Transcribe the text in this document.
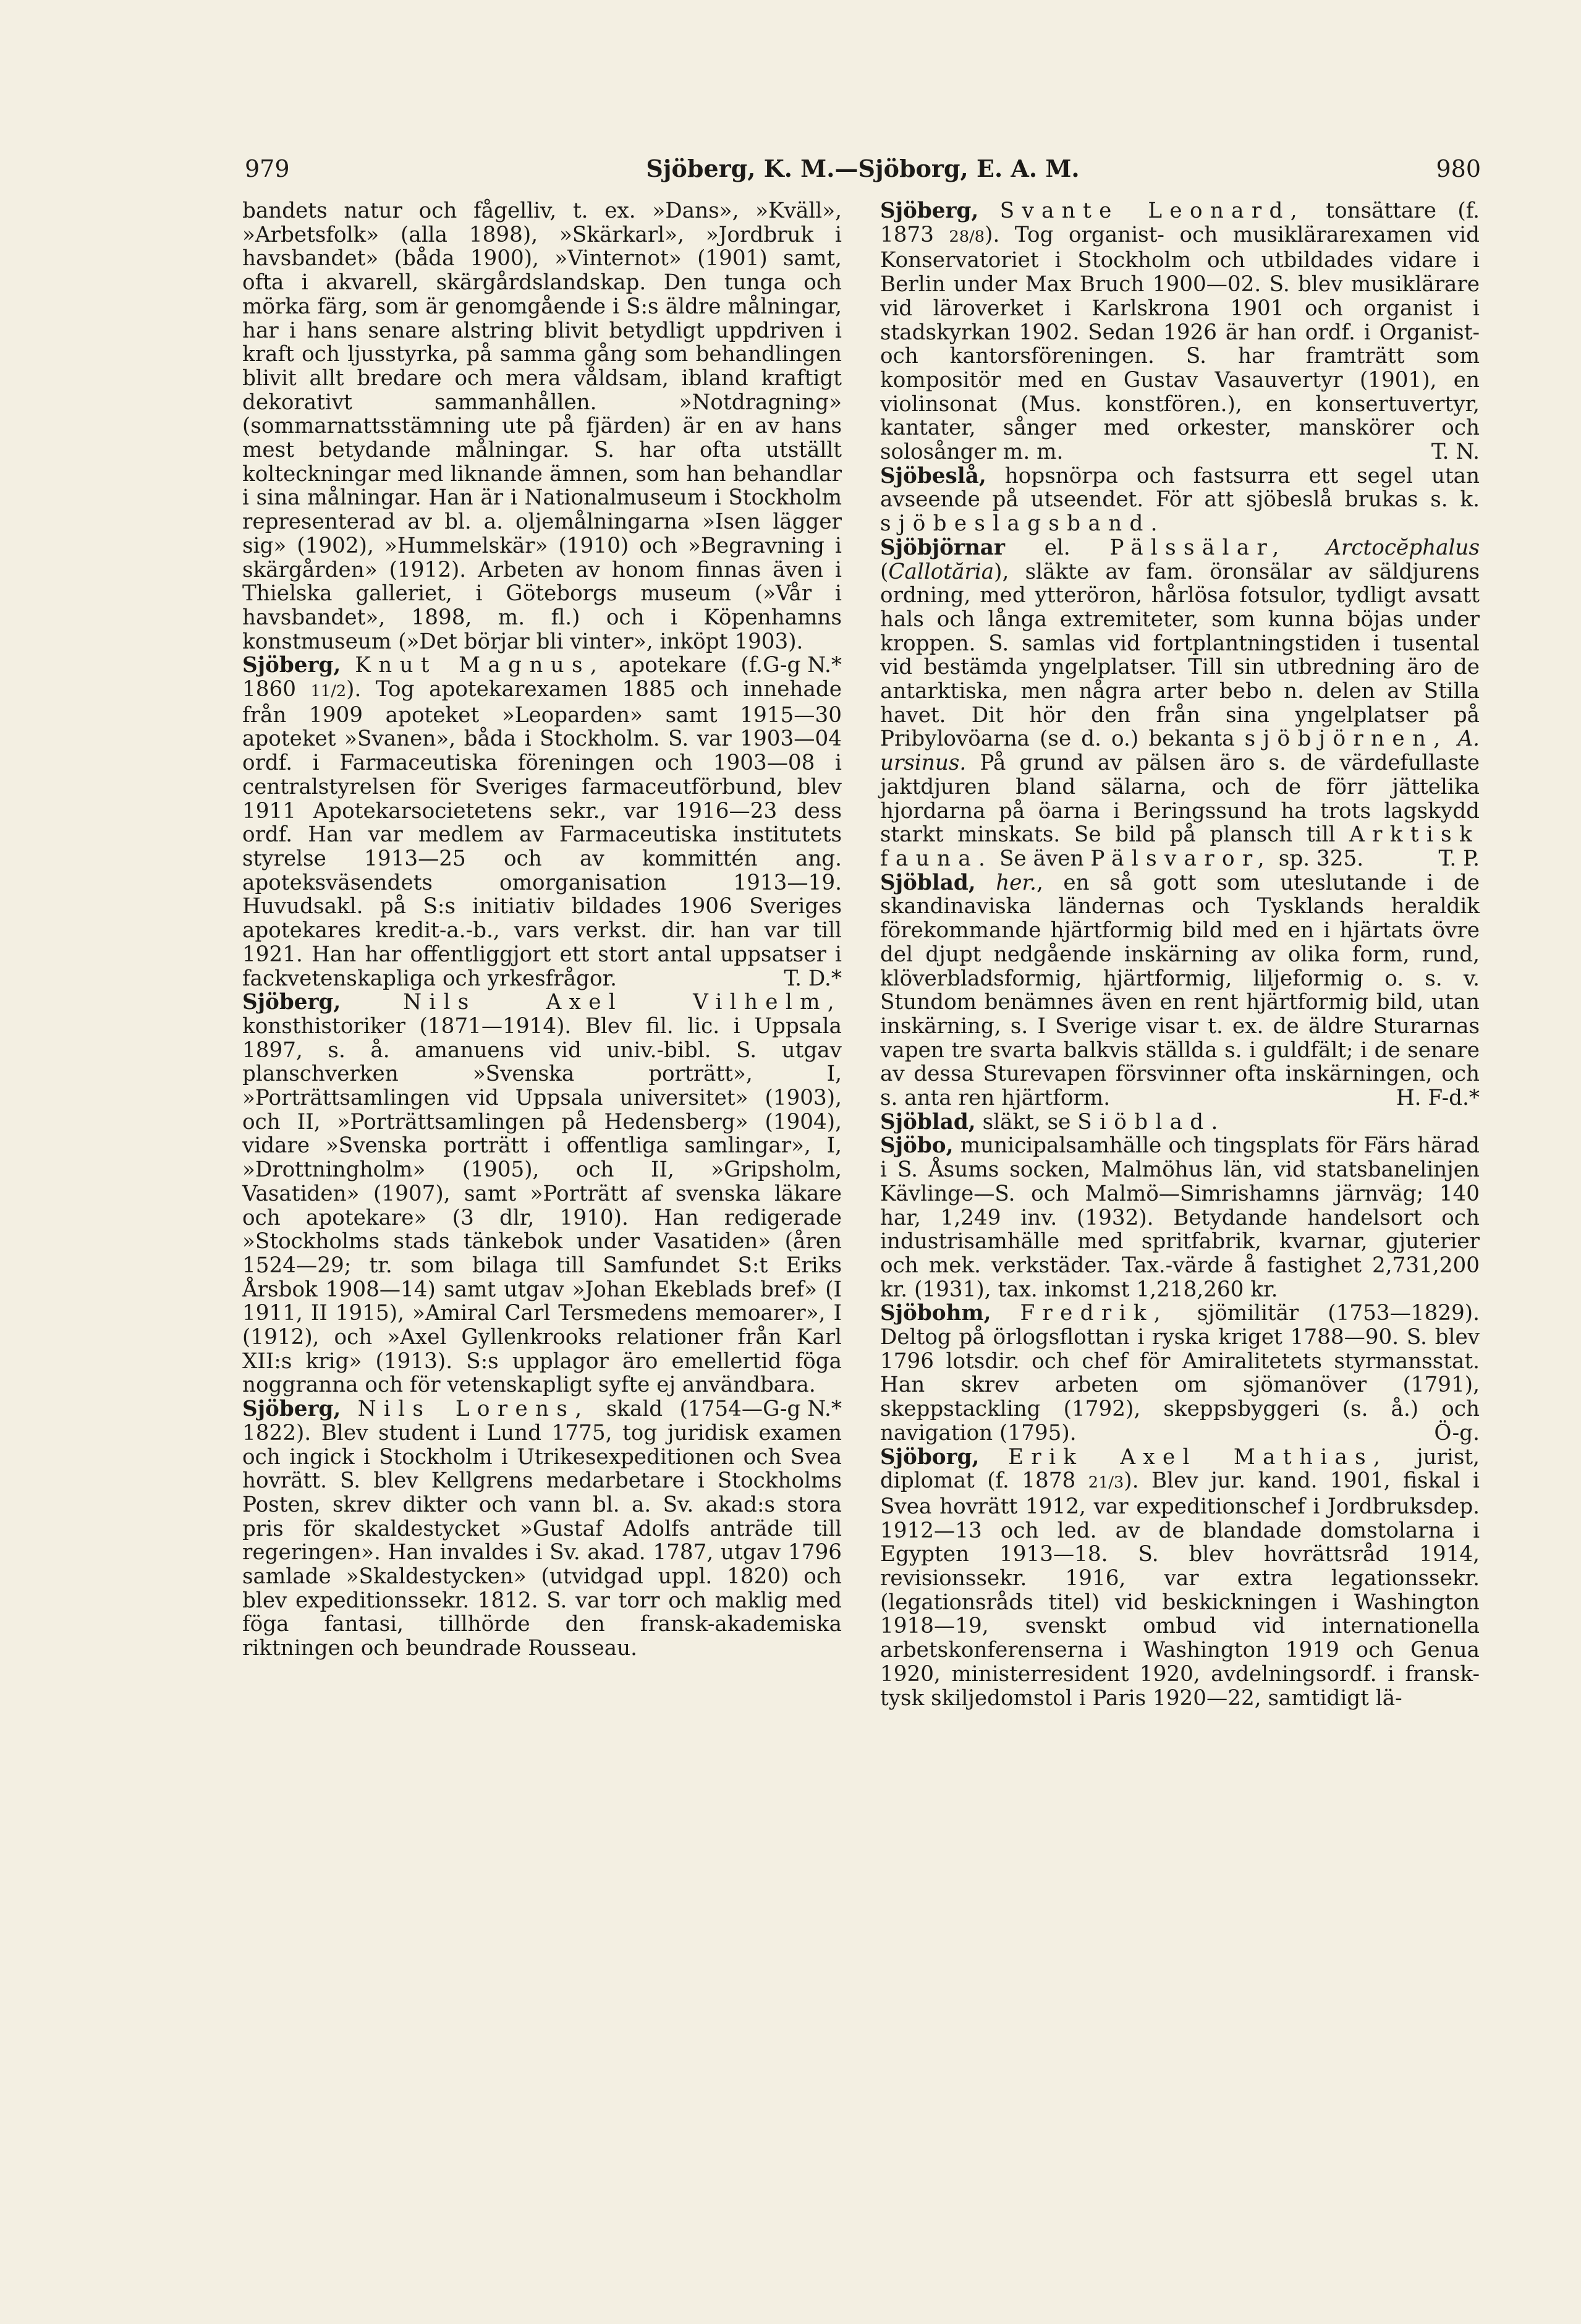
979	Sjöberg, K. M.—Sjöborg, E. A. M.	980

bandets natur och fågelliv, t. ex. »Dans», »Kväll», »Arbetsfolk» (alla 1898), »Skärkarl», »Jordbruk i havsbandet» (båda 1900), »Vinternot» (1901) samt, ofta i akvarell, skärgårdslandskap. Den tunga och mörka färg, som är genomgående i S:s äldre målningar, har i hans senare alstring blivit betydligt uppdriven i kraft och ljusstyrka, på samma gång som behandlingen blivit allt bredare och mera våldsam, ibland kraftigt dekorativt sammanhållen. »Notdragning» (sommarnattsstämning ute på fjärden) är en av hans mest betydande målningar. S. har ofta utställt kolteckningar med liknande ämnen, som han behandlar i sina målningar. Han är i Nationalmuseum i Stockholm representerad av bl. a. oljemålningarna »Isen lägger sig» (1902), »Hummelskär» (1910) och »Begravning i skärgården» (1912). Arbeten av honom finnas även i Thielska galleriet, i Göteborgs museum (»Vår i havsbandet», 1898, m. fl.) och i Köpenhamns konstmuseum (»Det börjar bli vinter», inköpt 1903).
G-g N.*

Sjöberg, Knut Magnus, apotekare (f. 1860 11/2). Tog apotekarexamen 1885 och innehade från 1909 apoteket »Leoparden» samt 1915—30 apoteket »Svanen», båda i Stockholm. S. var 1903—04 ordf. i Farmaceutiska föreningen och 1903—08 i centralstyrelsen för Sveriges farmaceutförbund, blev 1911 Apotekarsocietetens sekr., var 1916—23 dess ordf. Han var medlem av Farmaceutiska institutets styrelse 1913—25 och av kommittén ang. apoteksväsendets omorganisation 1913—19. Huvudsakl. på S:s initiativ bildades 1906 Sveriges apotekares kredit-a.-b., vars verkst. dir. han var till 1921. Han har offentliggjort ett stort antal uppsatser i fackvetenskapliga och yrkesfrågor.	T. D.*

Sjöberg,	Nils Axel Vilhelm, konsthistoriker (1871—1914). Blev fil. lic. i Uppsala 1897, s. å. amanuens vid univ.-bibl. S. utgav planschverken »Svenska porträtt», I, »Porträttsamlingen vid Uppsala universitet» (1903), och II, »Porträttsamlingen på Hedensberg» (1904), vidare »Svenska porträtt i offentliga samlingar», I, »Drottningholm» (1905), och II, »Gripsholm, Vasatiden» (1907), samt »Porträtt af svenska läkare och apotekare» (3 dlr, 1910). Han redigerade »Stockholms stads tänkebok under Vasatiden» (åren 1524—29; tr. som bilaga till Samfundet S:t Eriks Årsbok 1908—14) samt utgav »Johan Ekeblads bref» (I 1911, II 1915), »Amiral Carl Tersmedens memoarer», I (1912), och »Axel Gyllenkrooks relationer från Karl XII:s krig» (1913). S:s upplagor äro emellertid föga noggranna och för vetenskapligt syfte ej användbara.
G-g N.*

Sjöberg, Nils Lorens, skald (1754—1822). Blev student i Lund 1775, tog juridisk examen och ingick i Stockholm i Utrikesexpeditionen och Svea hovrätt. S. blev Kellgrens medarbetare i Stockholms Posten, skrev dikter och vann bl. a. Sv. akad:s stora pris för skaldestycket »Gustaf Adolfs anträde till regeringen». Han invaldes i Sv. akad. 1787, utgav 1796 samlade »Skaldestycken» (utvidgad uppl. 1820) och blev expeditionssekr. 1812. S. var torr och maklig med föga fantasi, tillhörde den fransk-akademiska riktningen och beundrade Rousseau.

Sjöberg, Svante Leonard, tonsättare (f. 1873 28/8). Tog organist- och musiklärarexamen vid Konservatoriet i Stockholm och utbildades vidare i Berlin under Max Bruch 1900—02. S. blev musiklärare vid läroverket i Karlskrona 1901 och organist i stadskyrkan 1902. Sedan 1926 är han ordf. i Organist- och kantorsföreningen. S. har framträtt som kompositör med en Gustav Vasauvertyr (1901), en violinsonat (Mus. konstfören.), en konsertuvertyr, kantater, sånger med orkester, manskörer och solosånger m. m.	T. N.

Sjöbeslå, hopsnörpa och fastsurra ett segel utan avseende på utseendet. För att sjöbeslå brukas s. k. sjöbeslagsband.

Sjöbjörnar el. Pälssälar, Arctocĕphalus (Callotăria), släkte av fam. öronsälar av säldjurens ordning, med ytteröron, hårlösa fotsulor, tydligt avsatt hals och långa extremiteter, som kunna böjas under kroppen. S. samlas vid fortplantningstiden i tusental vid bestämda yngelplatser. Till sin utbredning äro de antarktiska, men några arter bebo n. delen av Stilla havet. Dit hör den från sina yngelplatser på Pribylovöarna (se d. o.) bekanta sjöbjörnen, A. ursinus. På grund av pälsen äro s. de värdefullaste jaktdjuren bland sälarna, och de förr jättelika hjordarna på öarna i Beringssund ha trots lagskydd starkt minskats. Se bild på plansch till Arktisk fauna. Se även Pälsvaror, sp. 325.	T. P.

Sjöblad, her., en så gott som uteslutande i de skandinaviska ländernas och Tysklands heraldik förekommande hjärtformig bild med en i hjärtats övre del djupt nedgående inskärning av olika form, rund, klöverbladsformig, hjärtformig, liljeformig o. s. v. Stundom benämnes även en rent hjärtformig bild, utan inskärning, s. I Sverige visar t. ex. de äldre Sturarnas vapen tre svarta balkvis ställda s. i guldfält; i de senare av dessa Sturevapen försvinner ofta inskärningen, och s. anta ren hjärtform.	H. F-d.*

Sjöblad, släkt, se Siöblad.

Sjöbo, municipalsamhälle och tingsplats för Färs härad i S. Åsums socken, Malmöhus län, vid statsbanelinjen Kävlinge—S. och Malmö—Simrishamns järnväg; 140 har, 1,249 inv. (1932). Betydande handelsort och industrisamhälle med spritfabrik, kvarnar, gjuterier och mek. verkstäder. Tax.-värde å fastighet 2,731,200 kr. (1931), tax. inkomst 1,218,260 kr.

Sjöbohm, Fredrik, sjömilitär (1753—1829). Deltog på örlogsflottan i ryska kriget 1788—90. S. blev 1796 lotsdir. och chef för Amiralitetets styrmansstat. Han skrev arbeten om sjömanöver (1791), skeppstackling (1792), skeppsbyggeri (s. å.) och navigation (1795).	Ö-g.

Sjöborg, Erik Axel Mathias, jurist, diplomat (f. 1878 21/3). Blev jur. kand. 1901, fiskal i Svea hovrätt 1912, var expeditionschef i Jordbruksdep. 1912—13 och led. av de blandade domstolarna i Egypten 1913—18. S. blev hovrättsråd 1914, revisionssekr. 1916, var extra legationssekr. (legationsråds titel) vid beskickningen i Washington 1918—19, svenskt ombud vid internationella arbetskonferenserna i Washington 1919 och Genua 1920, ministerresident 1920, avdelningsordf. i fransk-tysk skiljedomstol i Paris 1920—22, samtidigt lä-
